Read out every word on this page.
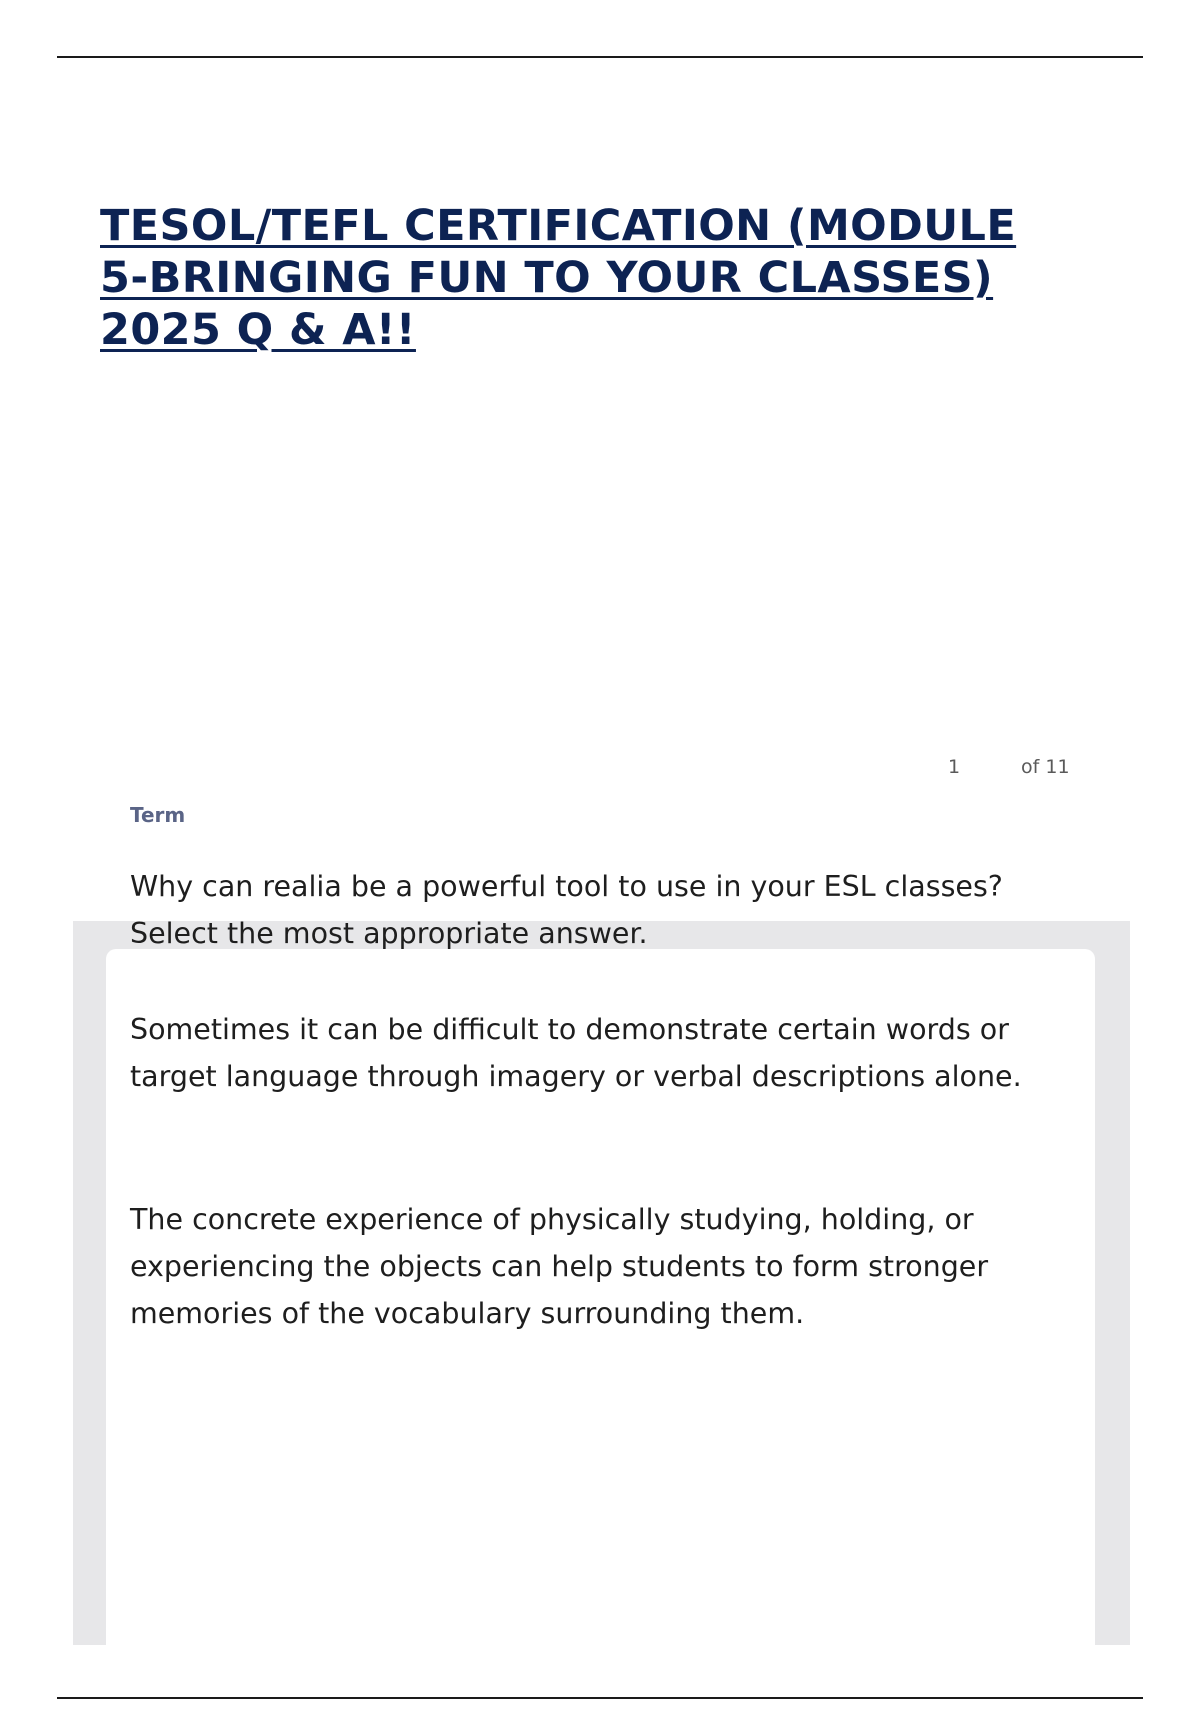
TESOL/TEFL CERTIFICATION (MODULE
5-BRINGING FUN TO YOUR CLASSES)
2025 Q & A!!
1	of 11
Term

Why can realia be a powerful tool to use in your ESL classes? Select the most appropriate answer.

Sometimes it can be difficult to demonstrate certain words or target language through imagery or verbal descriptions alone.

The concrete experience of physically studying, holding, or experiencing the objects can help students to form stronger memories of the vocabulary surrounding them.
